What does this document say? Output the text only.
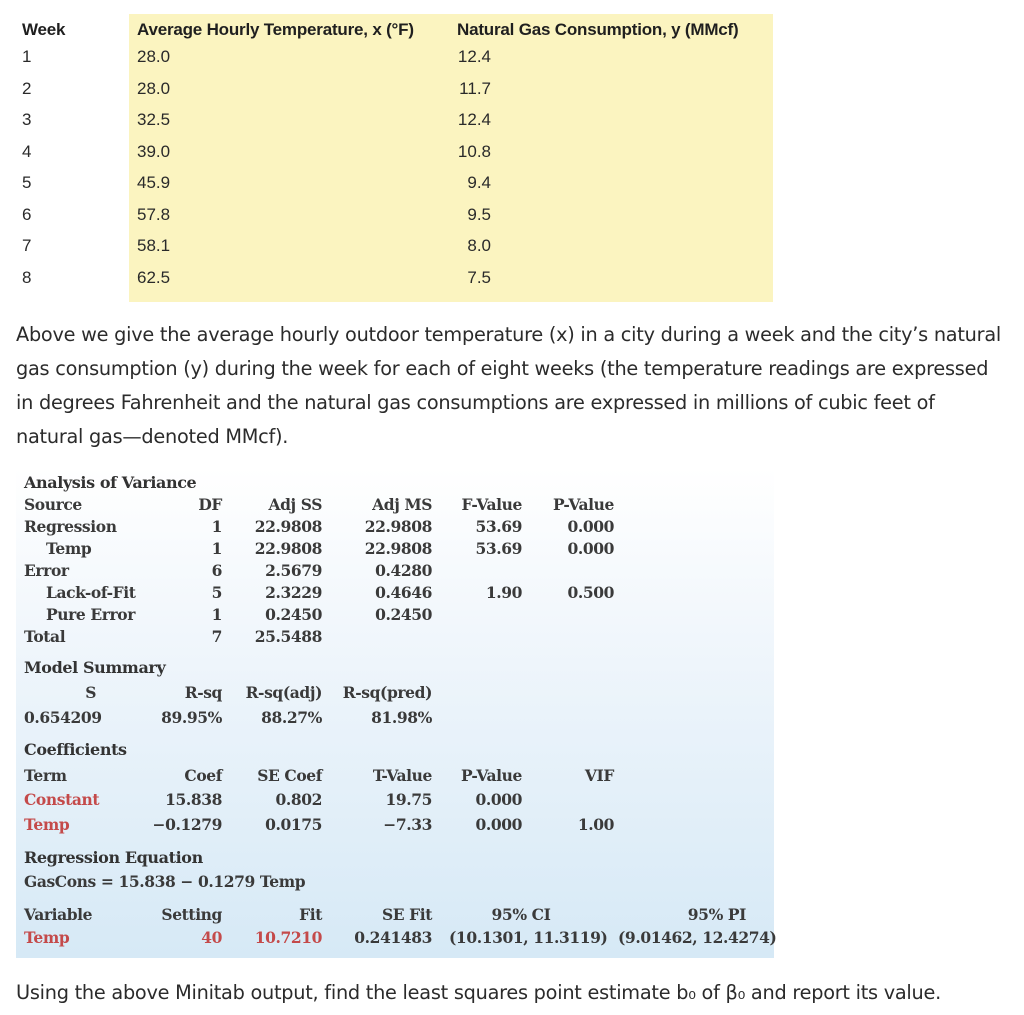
Week	Average Hourly Temperature, x (°F)	Natural Gas Consumption, y (MMcf)
1	28.0	12.4
2	28.0	11.7
3	32.5	12.4
4	39.0	10.8
5	45.9	9.4
6	57.8	9.5
7	58.1	8.0
8	62.5	7.5
Above we give the average hourly outdoor temperature (x) in a city during a week and the city’s natural gas consumption (y) during the week for each of eight weeks (the temperature readings are expressed in degrees Fahrenheit and the natural gas consumptions are expressed in millions of cubic feet of natural gas—denoted MMcf).
Analysis of Variance
Source	DF	Adj SS	Adj MS	F-Value	P-Value
Regression	1	22.9808	22.9808	53.69	0.000
Temp	1	22.9808	22.9808	53.69	0.000
Error	6	2.5679	0.4280
Lack-of-Fit	5	2.3229	0.4646	1.90	0.500
Pure Error	1	0.2450	0.2450
Total	7	25.5488
Model Summary
S	R-sq	R-sq(adj)	R-sq(pred)
0.654209	89.95%	88.27%	81.98%
Coefficients
Term	Coef	SE Coef	T-Value	P-Value	VIF
Constant	15.838	0.802	19.75	0.000
Temp	−0.1279	0.0175	−7.33	0.000	1.00
Regression Equation
GasCons = 15.838 − 0.1279 Temp
Variable	Setting	Fit	SE Fit	95% CI	95% PI
Temp	40	10.7210	0.241483 (10.1301, 11.3119) (9.01462, 12.4274)
Using the above Minitab output, find the least squares point estimate b₀ of β₀ and report its value.
